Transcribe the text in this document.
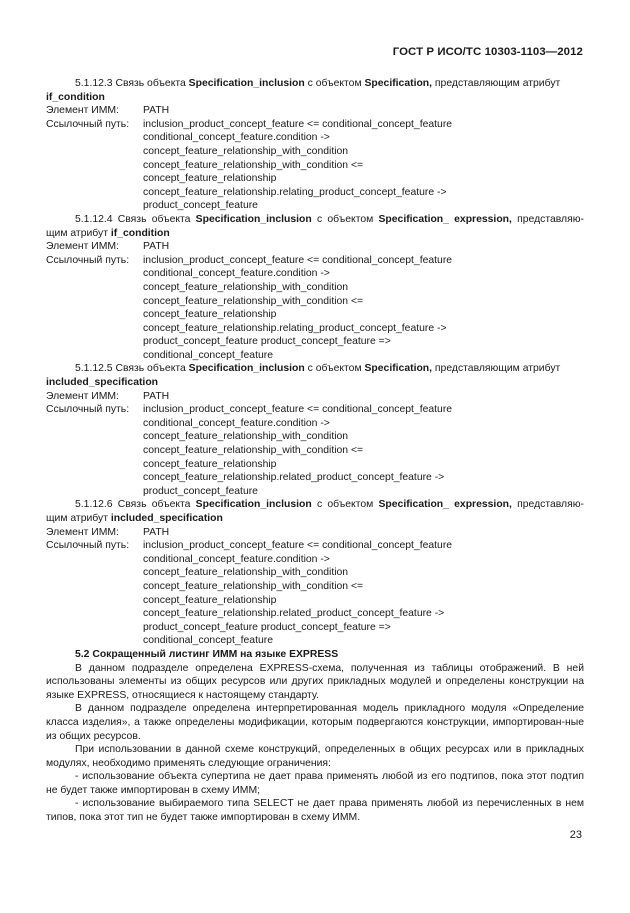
ГОСТ Р ИСО/ТС 10303-1103—2012
5.1.12.3 Связь объекта Specification_inclusion с объектом Specification, представляющим атрибут
if_condition
Элемент ИММ:	PATH
Ссылочный путь:	inclusion_product_concept_feature <= conditional_concept_feature
conditional_concept_feature.condition ->
concept_feature_relationship_with_condition
concept_feature_relationship_with_condition <=
concept_feature_relationship
concept_feature_relationship.relating_product_concept_feature ->
product_concept_feature
5.1.12.4 Связь объекта Specification_inclusion с объектом Specification_ expression, представляю-щим атрибут if_condition
Элемент ИММ:	PATH
Ссылочный путь:	inclusion_product_concept_feature <= conditional_concept_feature
conditional_concept_feature.condition ->
concept_feature_relationship_with_condition
concept_feature_relationship_with_condition <=
concept_feature_relationship
concept_feature_relationship.relating_product_concept_feature ->
product_concept_feature product_concept_feature =>
conditional_concept_feature
5.1.12.5 Связь объекта Specification_inclusion с объектом Specification, представляющим атрибут
included_specification
Элемент ИММ:	PATH
Ссылочный путь:	inclusion_product_concept_feature <= conditional_concept_feature
conditional_concept_feature.condition ->
concept_feature_relationship_with_condition
concept_feature_relationship_with_condition <=
concept_feature_relationship
concept_feature_relationship.related_product_concept_feature ->
product_concept_feature
5.1.12.6 Связь объекта Specification_inclusion с объектом Specification_ expression, представляю-щим атрибут included_specification
Элемент ИММ:	PATH
Ссылочный путь:	inclusion_product_concept_feature <= conditional_concept_feature
conditional_concept_feature.condition ->
concept_feature_relationship_with_condition
concept_feature_relationship_with_condition <=
concept_feature_relationship
concept_feature_relationship.related_product_concept_feature ->
product_concept_feature product_concept_feature =>
conditional_concept_feature
5.2 Сокращенный листинг ИММ на языке EXPRESS
В данном подразделе определена EXPRESS-схема, полученная из таблицы отображений. В ней использованы элементы из общих ресурсов или других прикладных модулей и определены конструкции на языке EXPRESS, относящиеся к настоящему стандарту.
В данном подразделе определена интерпретированная модель прикладного модуля «Определение класса изделия», а также определены модификации, которым подвергаются конструкции, импортирован-ные из общих ресурсов.
При использовании в данной схеме конструкций, определенных в общих ресурсах или в прикладных модулях, необходимо применять следующие ограничения:
- использование объекта супертипа не дает права применять любой из его подтипов, пока этот подтип не будет также импортирован в схему ИММ;
- использование выбираемого типа SELECT не дает права применять любой из перечисленных в нем типов, пока этот тип не будет также импортирован в схему ИММ.
23
